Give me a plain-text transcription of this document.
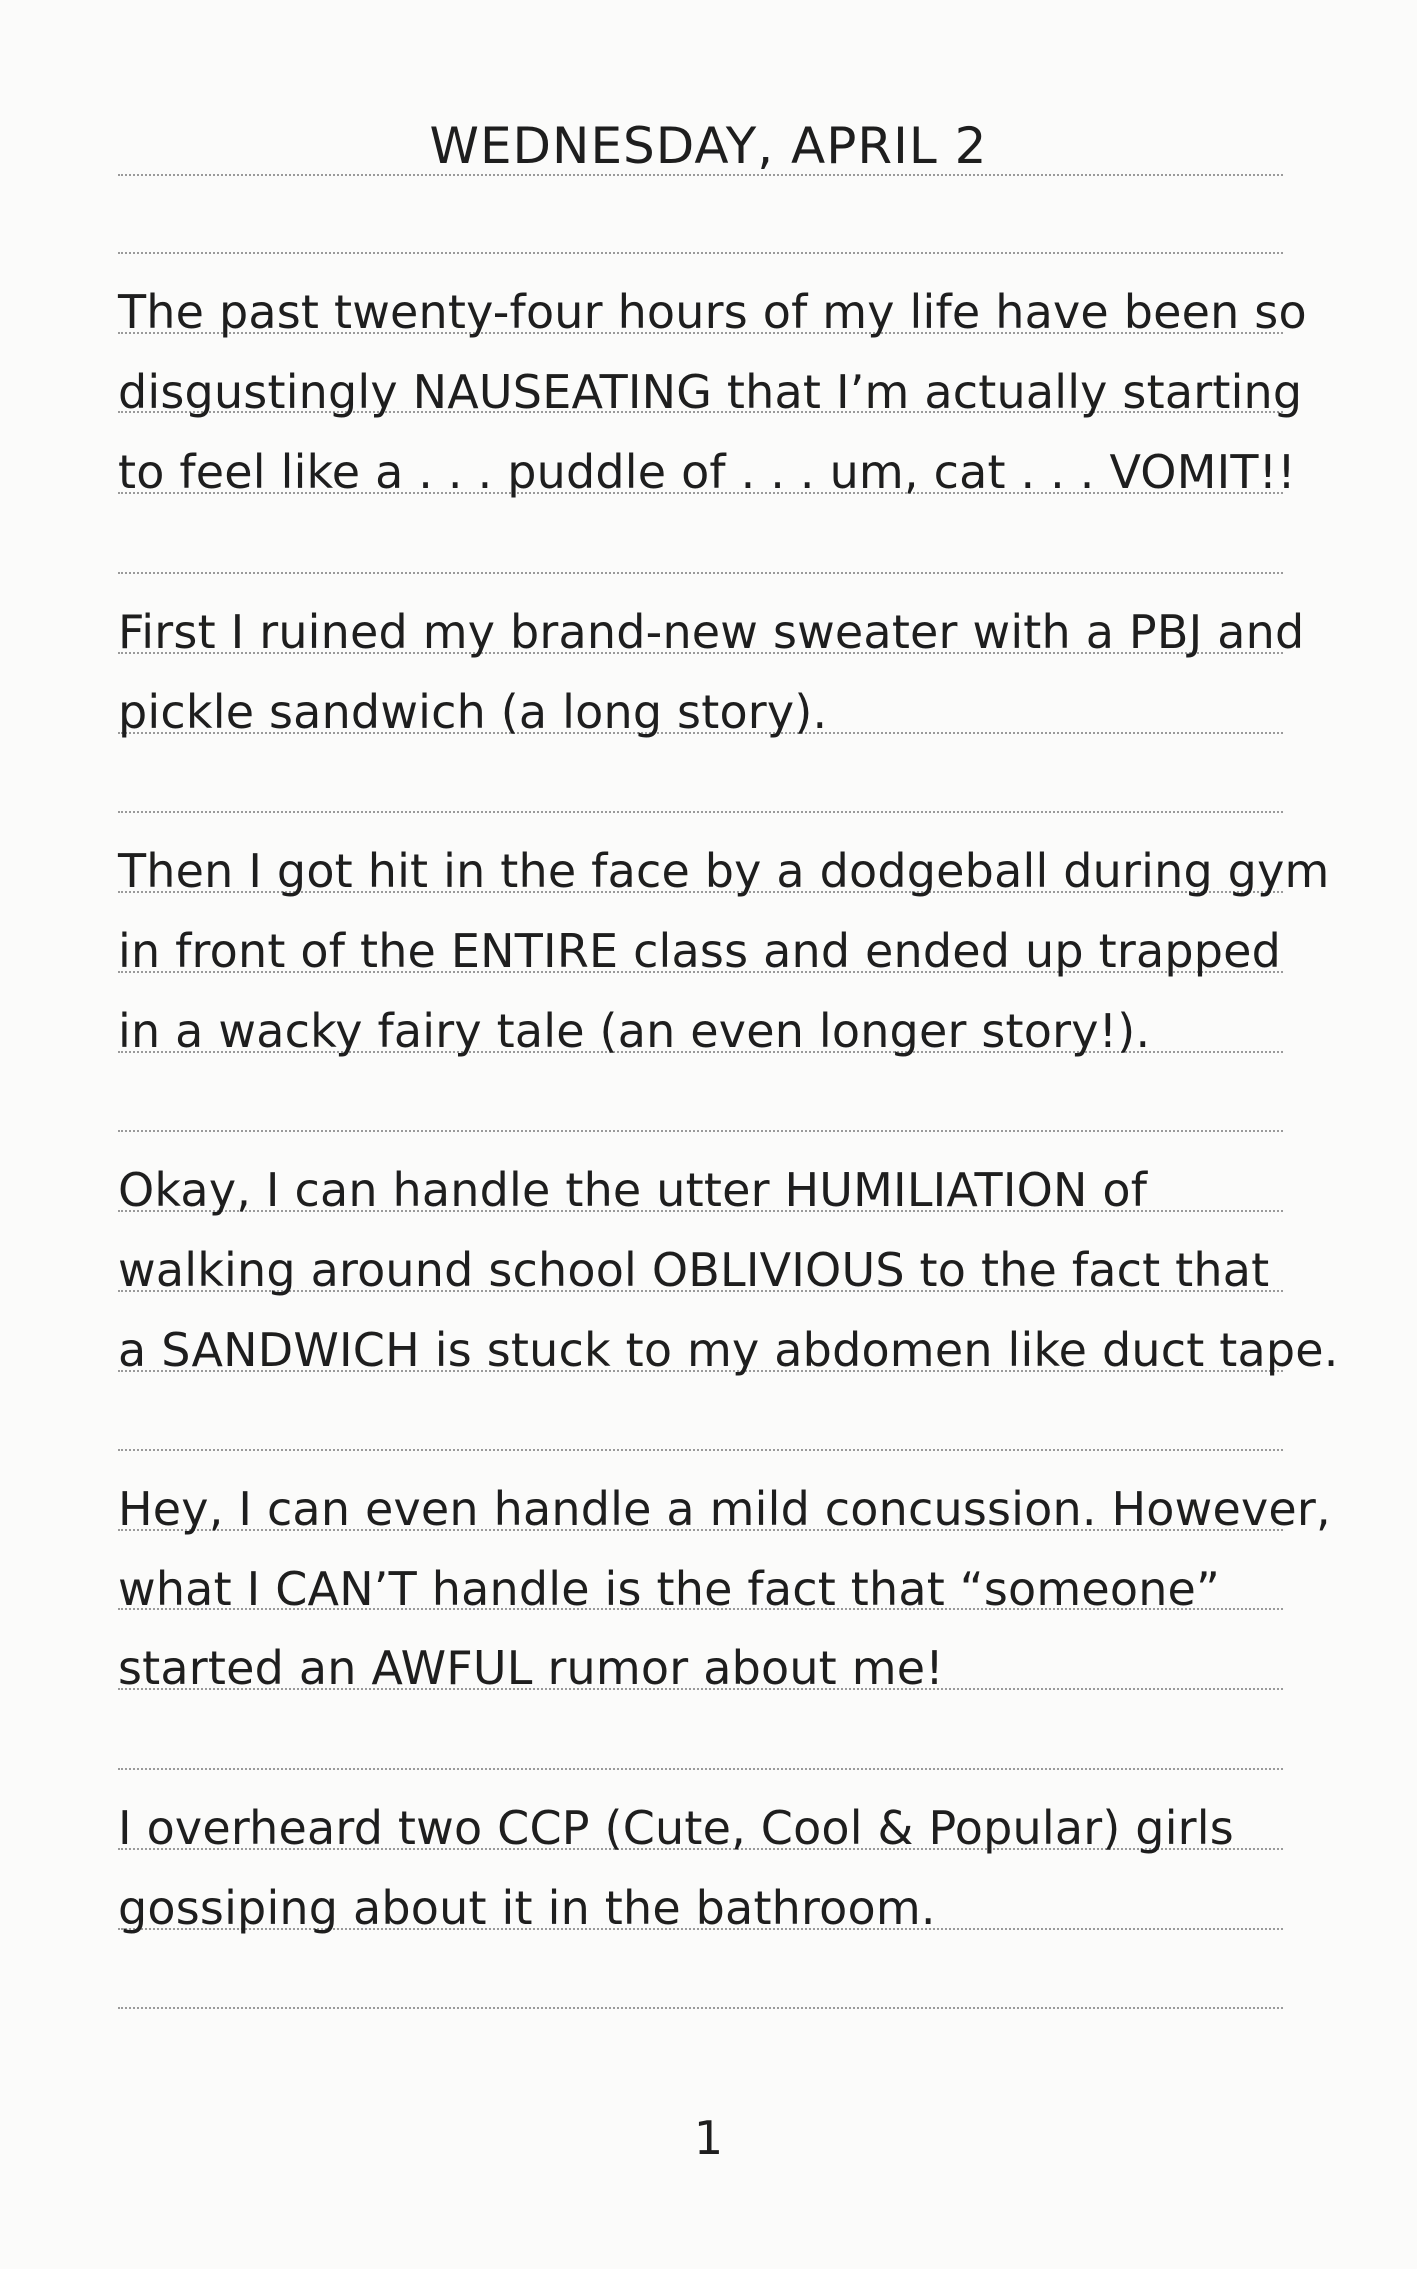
WEDNESDAY, APRIL 2
The past twenty-four hours of my life have been so
disgustingly NAUSEATING that I’m actually starting
to feel like a . . . puddle of . . . um, cat . . . VOMIT!!
First I ruined my brand-new sweater with a PBJ and
pickle sandwich (a long story).
Then I got hit in the face by a dodgeball during gym
in front of the ENTIRE class and ended up trapped
in a wacky fairy tale (an even longer story!).
Okay, I can handle the utter HUMILIATION of
walking around school OBLIVIOUS to the fact that
a SANDWICH is stuck to my abdomen like duct tape.
Hey, I can even handle a mild concussion. However,
what I CAN’T handle is the fact that “someone”
started an AWFUL rumor about me!
I overheard two CCP (Cute, Cool & Popular) girls
gossiping about it in the bathroom.
1
